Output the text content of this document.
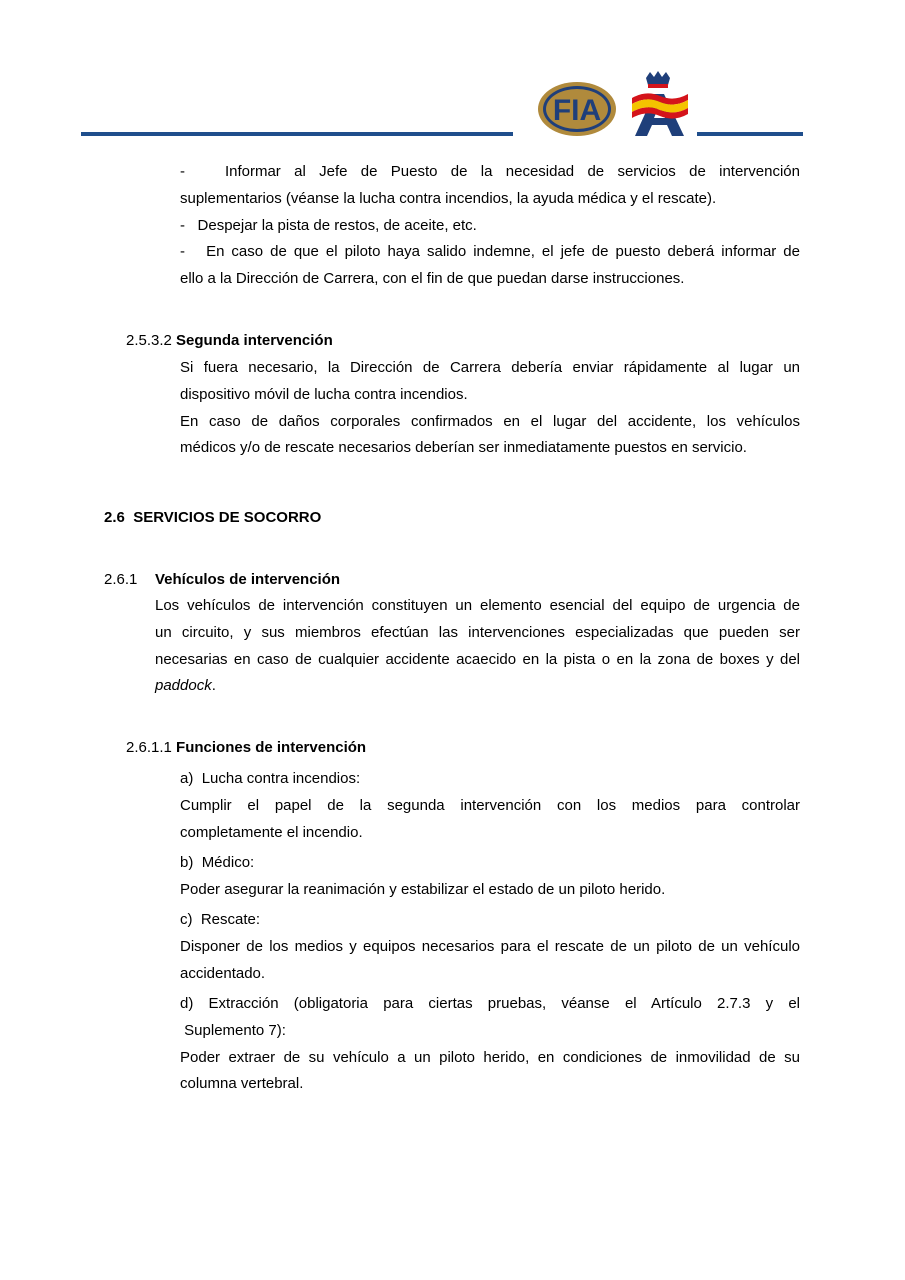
FIA
-	Informar al Jefe de Puesto de la necesidad de servicios de intervención
suplementarios (véanse la lucha contra incendios, la ayuda médica y el rescate).
- Despejar la pista de restos, de aceite, etc.
- En caso de que el piloto haya salido indemne, el jefe de puesto deberá informar de
ello a la Dirección de Carrera, con el fin de que puedan darse instrucciones.
2.5.3.2 Segunda intervención
Si fuera necesario, la Dirección de Carrera debería enviar rápidamente al lugar un
dispositivo móvil de lucha contra incendios.
En caso de daños corporales confirmados en el lugar del accidente, los vehículos
médicos y/o de rescate necesarios deberían ser inmediatamente puestos en servicio.
2.6 SERVICIOS DE SOCORRO
2.6.1 Vehículos de intervención
Los vehículos de intervención constituyen un elemento esencial del equipo de urgencia de
un circuito, y sus miembros efectúan las intervenciones especializadas que pueden ser
necesarias en caso de cualquier accidente acaecido en la pista o en la zona de boxes y del
paddock.
2.6.1.1 Funciones de intervención
a) Lucha contra incendios:
Cumplir el papel de la segunda intervención con los medios para controlar
completamente el incendio.
b) Médico:
Poder asegurar la reanimación y estabilizar el estado de un piloto herido.
c) Rescate:
Disponer de los medios y equipos necesarios para el rescate de un piloto de un vehículo
accidentado.
d) Extracción (obligatoria para ciertas pruebas, véanse el Artículo 2.7.3 y el
Suplemento 7):
Poder extraer de su vehículo a un piloto herido, en condiciones de inmovilidad de su
columna vertebral.
